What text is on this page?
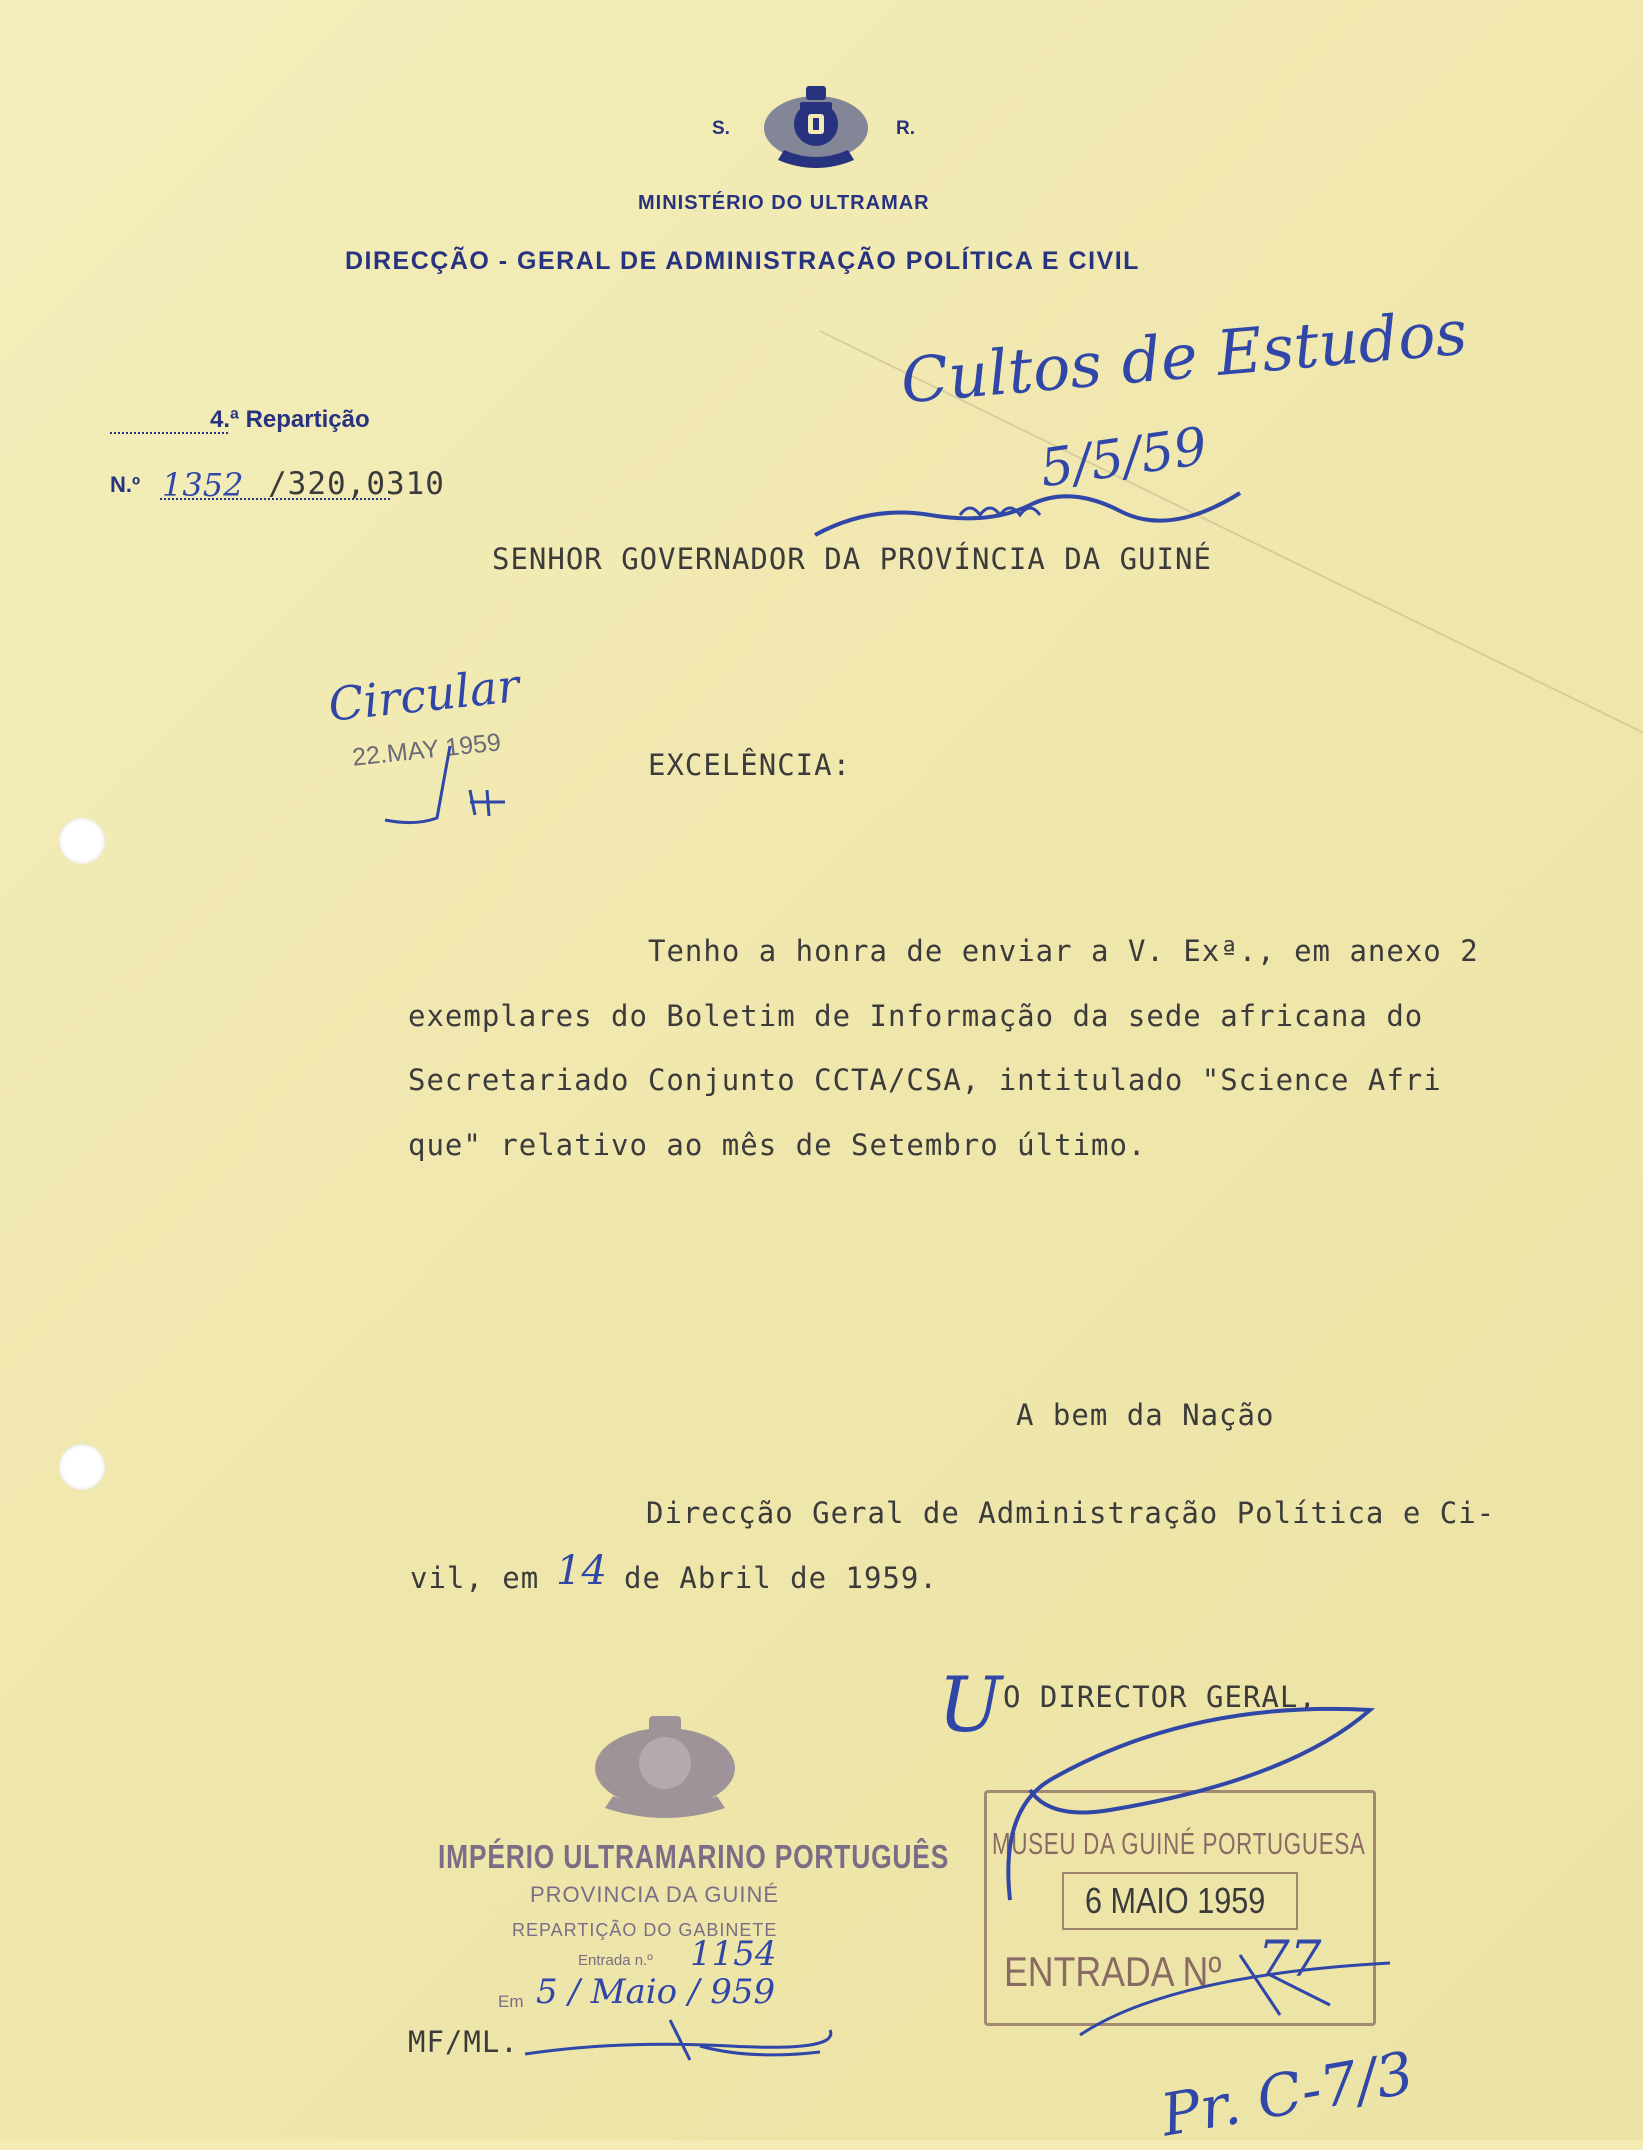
S.	R.
MINISTÉRIO DO ULTRAMAR
DIRECÇÃO - GERAL DE ADMINISTRAÇÃO POLÍTICA E CIVIL
4.ª Repartição
N.º 1352 /320,0310
Cultos de Estudos
5/5/59
SENHOR GOVERNADOR DA PROVÍNCIA DA GUINÉ
Circular
22.MAY 1959	EXCELÊNCIA:
Tenho a honra de enviar a V. Exª., em anexo 2
exemplares do Boletim de Informação da sede africana do
Secretariado Conjunto CCTA/CSA, intitulado "Science Afri
que" relativo ao mês de Setembro último.
A bem da Nação
Direcção Geral de Administração Política e Ci-
vil, em 14 de Abril de 1959.
U O DIRECTOR GERAL,
IMPÉRIO ULTRAMARINO PORTUGUÊS
PROVINCIA DA GUINÉ
REPARTIÇÃO DO GABINETE
Entrada n.º 1154
Em 5 / Maio / 959
MF/ML.
MUSEU DA GUINÉ PORTUGUESA
6 MAIO 1959
ENTRADA Nº 77
Pr. C-7/3
